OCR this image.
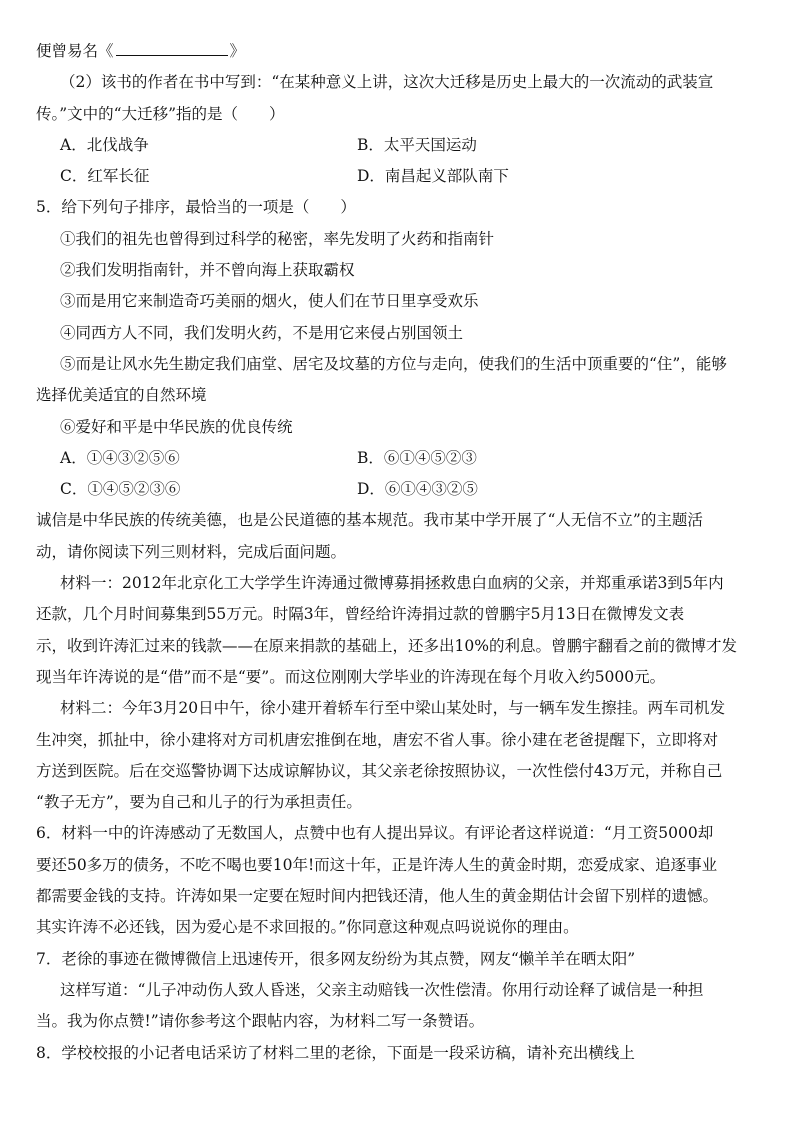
便曾易名《	》
（2）该书的作者在书中写到：“在某种意义上讲，这次大迁移是历史上最大的一次流动的武装宣
传。”文中的“大迁移”指的是（　　）
A．北伐战争	B．太平天国运动
C．红军长征	D．南昌起义部队南下
5．给下列句子排序，最恰当的一项是（　　）
①我们的祖先也曾得到过科学的秘密，率先发明了火药和指南针
②我们发明指南针，并不曾向海上获取霸权
③而是用它来制造奇巧美丽的烟火，使人们在节日里享受欢乐
④同西方人不同，我们发明火药，不是用它来侵占别国领土
⑤而是让风水先生勘定我们庙堂、居宅及坟墓的方位与走向，使我们的生活中顶重要的“住”，能够
选择优美适宜的自然环境
⑥爱好和平是中华民族的优良传统
A．①④③②⑤⑥	B．⑥①④⑤②③
C．①④⑤②③⑥	D．⑥①④③②⑤
诚信是中华民族的传统美德，也是公民道德的基本规范。我市某中学开展了“人无信不立”的主题活
动，请你阅读下列三则材料，完成后面问题。
材料一：2012年北京化工大学学生许涛通过微博募捐拯救患白血病的父亲，并郑重承诺3到5年内
还款，几个月时间募集到55万元。时隔3年，曾经给许涛捐过款的曾鹏宇5月13日在微博发文表
示，收到许涛汇过来的钱款——在原来捐款的基础上，还多出10%的利息。曾鹏宇翻看之前的微博才发
现当年许涛说的是“借”而不是“要”。而这位刚刚大学毕业的许涛现在每个月收入约5000元。
材料二：今年3月20日中午，徐小建开着轿车行至中梁山某处时，与一辆车发生擦挂。两车司机发
生冲突，抓扯中，徐小建将对方司机唐宏推倒在地，唐宏不省人事。徐小建在老爸提醒下，立即将对
方送到医院。后在交巡警协调下达成谅解协议，其父亲老徐按照协议，一次性偿付43万元，并称自己
“教子无方”，要为自己和儿子的行为承担责任。
6．材料一中的许涛感动了无数国人，点赞中也有人提出异议。有评论者这样说道：“月工资5000却
要还50多万的债务，不吃不喝也要10年!而这十年，正是许涛人生的黄金时期，恋爱成家、追逐事业
都需要金钱的支持。许涛如果一定要在短时间内把钱还清，他人生的黄金期估计会留下别样的遗憾。
其实许涛不必还钱，因为爱心是不求回报的。”你同意这种观点吗说说你的理由。
7．老徐的事迹在微博微信上迅速传开，很多网友纷纷为其点赞，网友“懒羊羊在晒太阳”
这样写道：“儿子冲动伤人致人昏迷，父亲主动赔钱一次性偿清。你用行动诠释了诚信是一种担
当。我为你点赞!”请你参考这个跟帖内容，为材料二写一条赞语。
8．学校校报的小记者电话采访了材料二里的老徐，下面是一段采访稿，请补充出横线上
